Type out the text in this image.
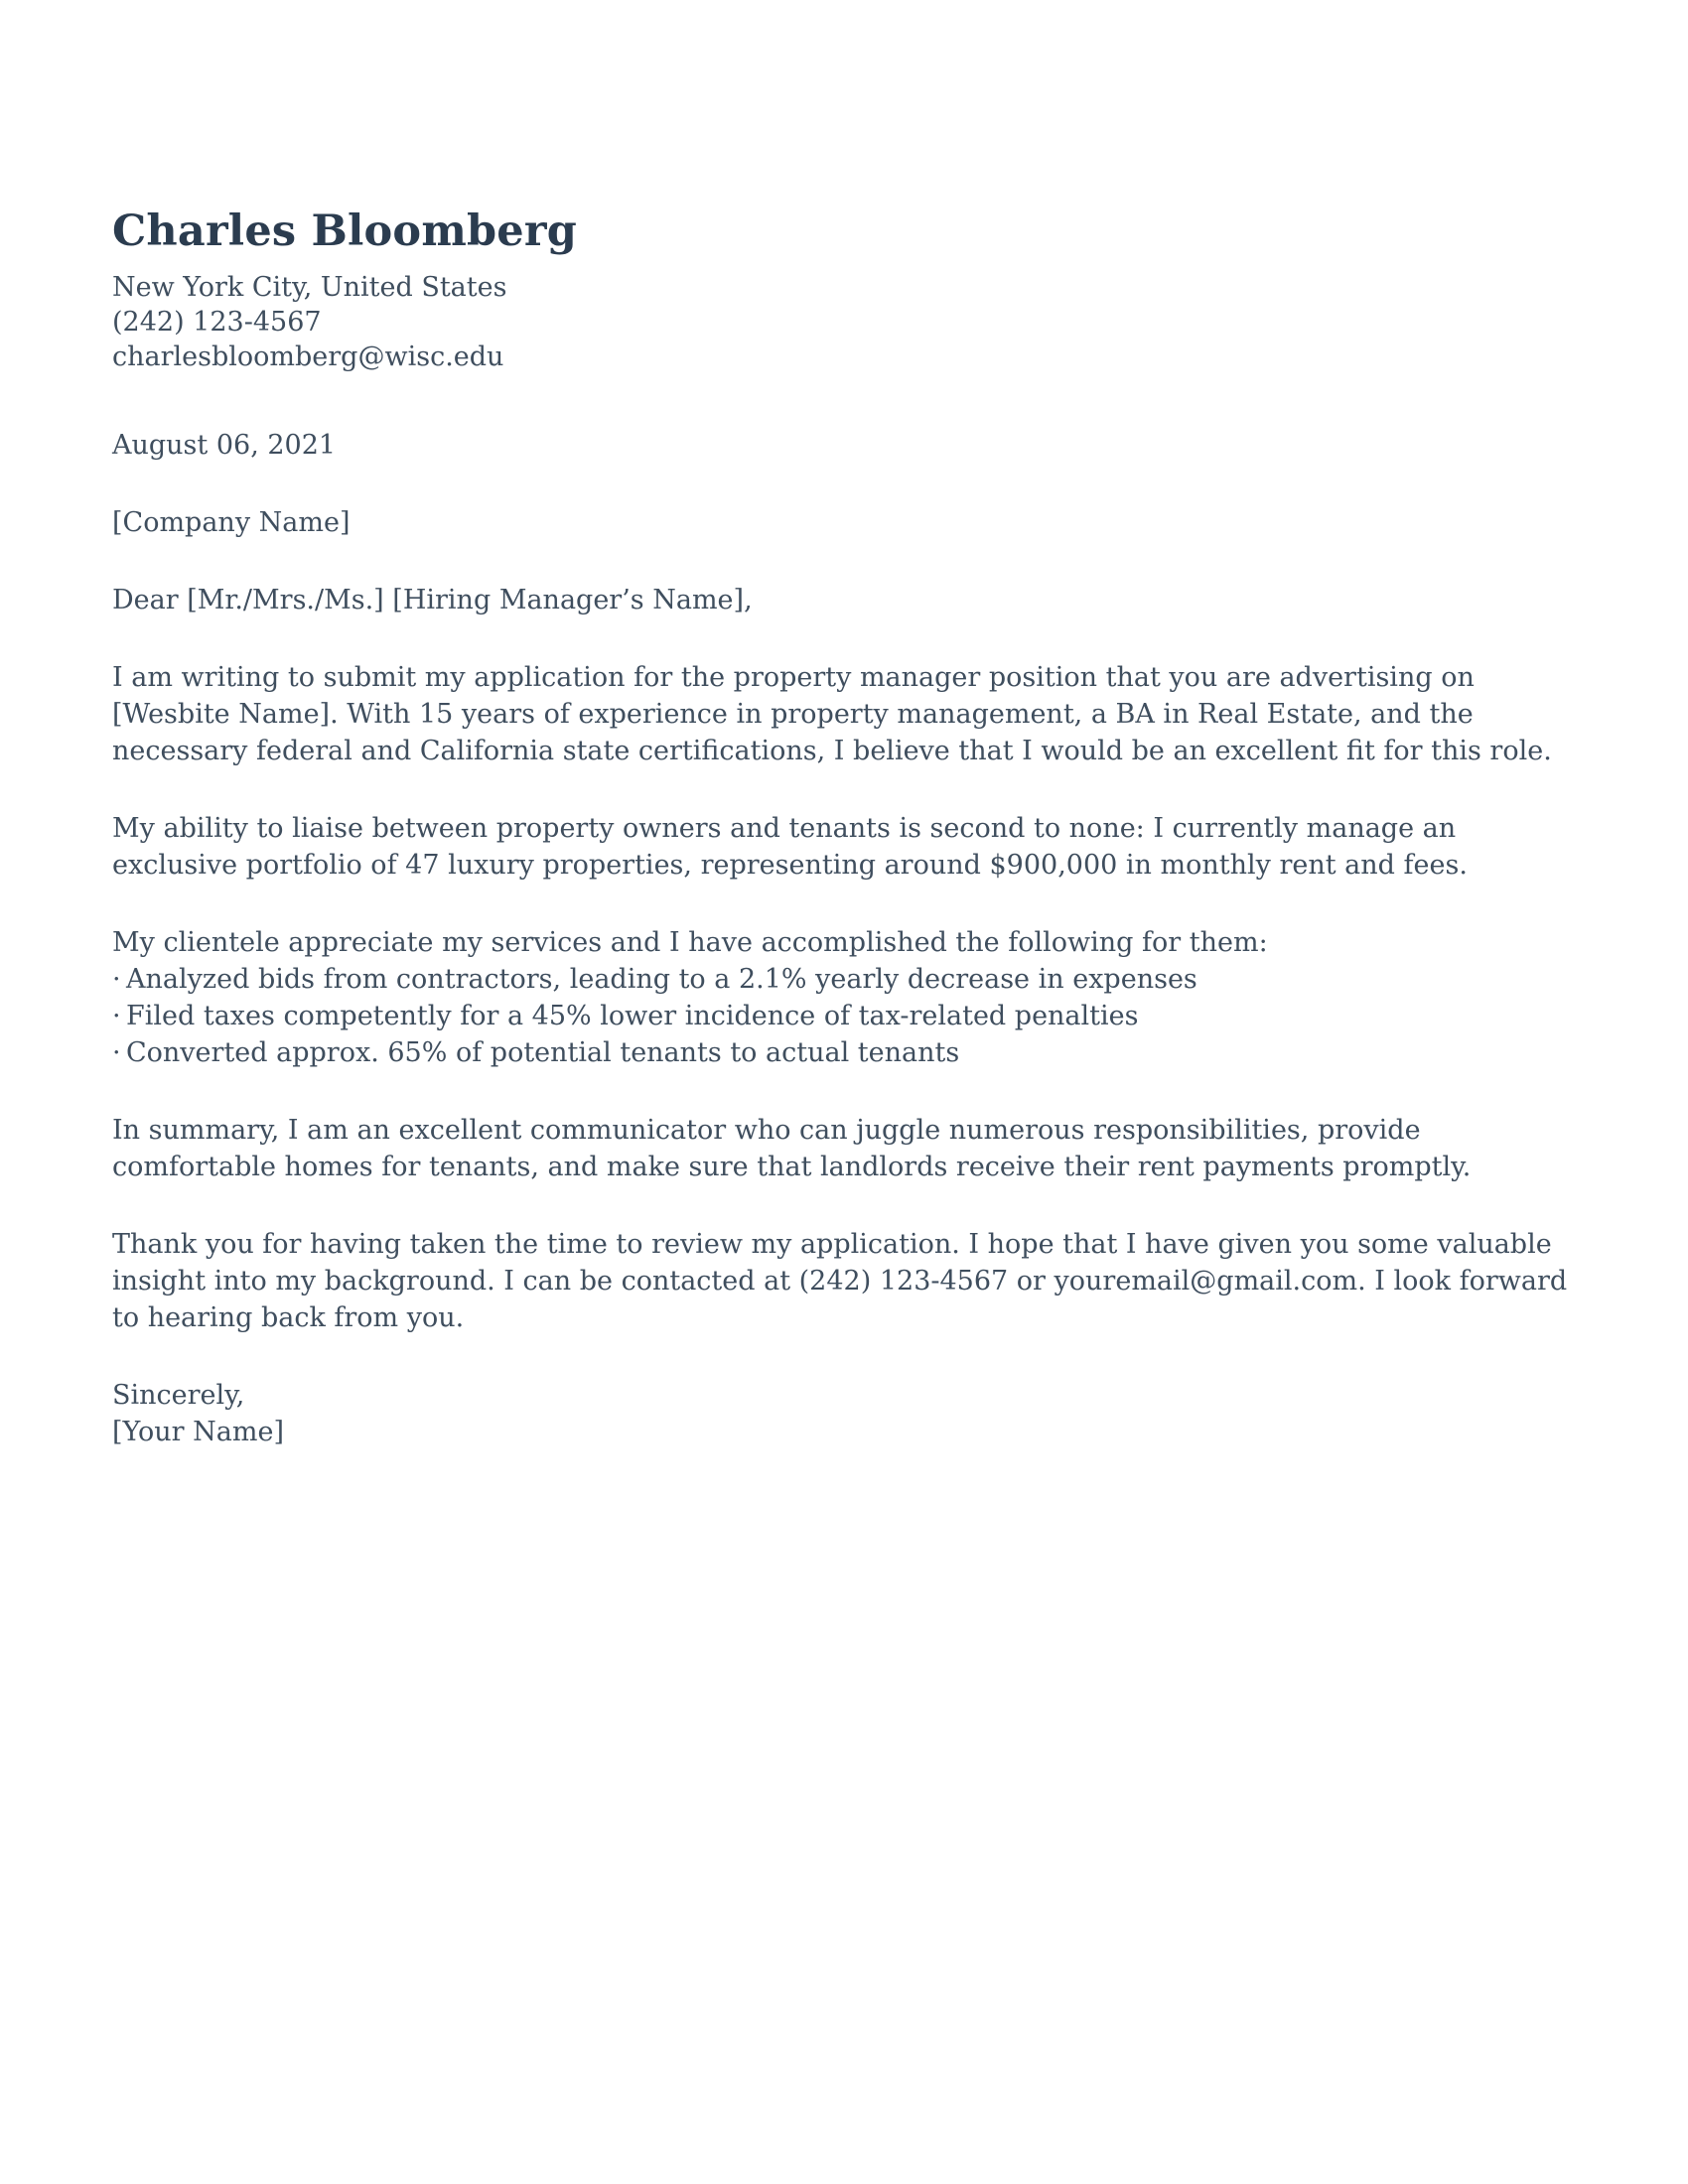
Charles Bloomberg
New York City, United States
(242) 123-4567
charlesbloomberg@wisc.edu
August 06, 2021
[Company Name]
Dear [Mr./Mrs./Ms.] [Hiring Manager’s Name],

I am writing to submit my application for the property manager position that you are advertising on [Wesbite Name]. With 15 years of experience in property management, a BA in Real Estate, and the necessary federal and California state certifications, I believe that I would be an excellent fit for this role.

My ability to liaise between property owners and tenants is second to none: I currently manage an exclusive portfolio of 47 luxury properties, representing around $900,000 in monthly rent and fees.

My clientele appreciate my services and I have accomplished the following for them:

· Analyzed bids from contractors, leading to a 2.1% yearly decrease in expenses
· Filed taxes competently for a 45% lower incidence of tax-related penalties
· Converted approx. 65% of potential tenants to actual tenants

In summary, I am an excellent communicator who can juggle numerous responsibilities, provide comfortable homes for tenants, and make sure that landlords receive their rent payments promptly.

Thank you for having taken the time to review my application. I hope that I have given you some valuable insight into my background. I can be contacted at (242) 123-4567 or youremail@gmail.com. I look forward to hearing back from you.

Sincerely,
[Your Name]
